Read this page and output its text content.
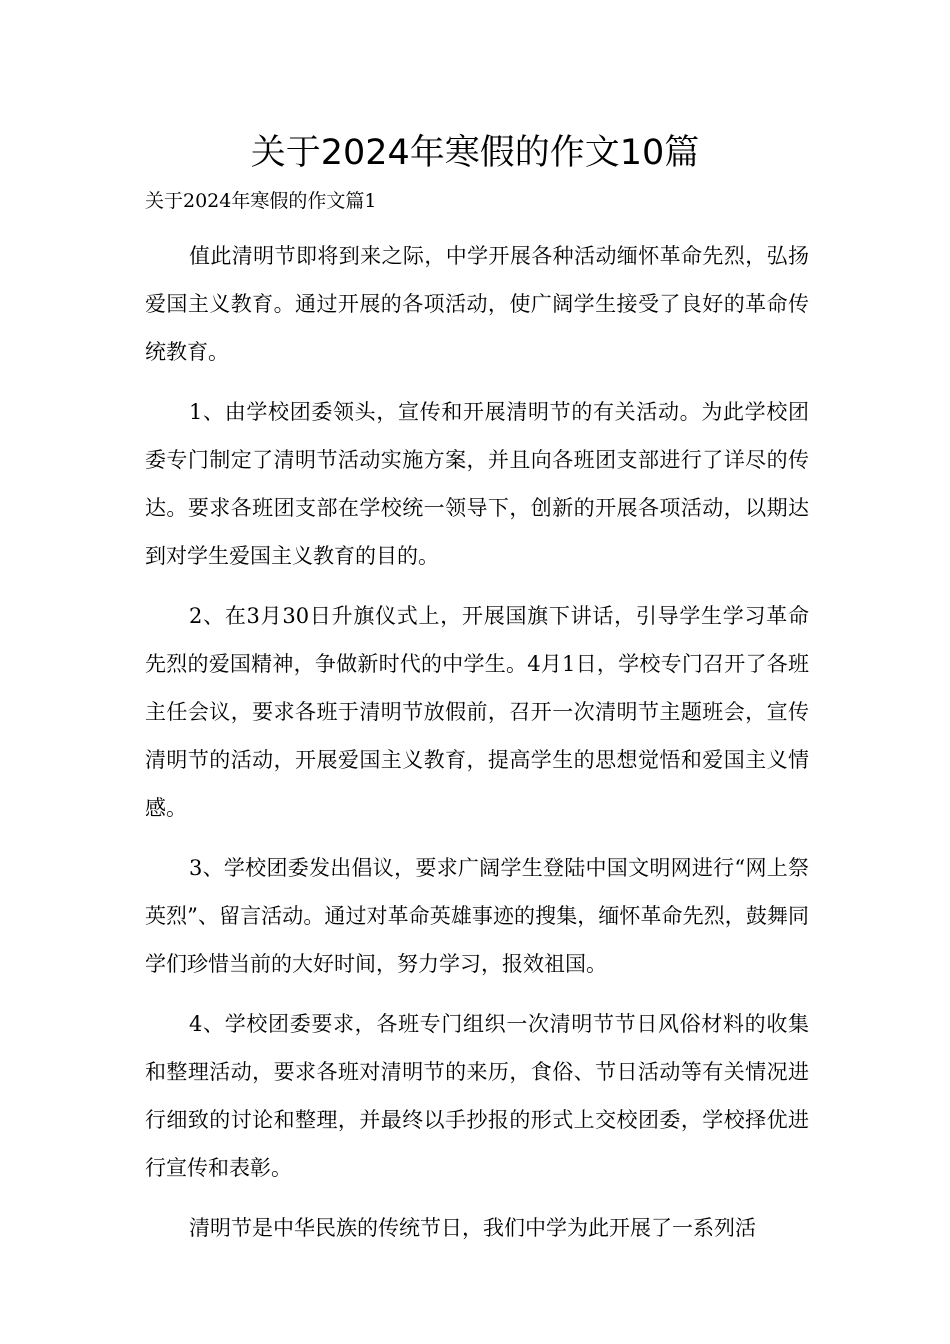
关于2024年寒假的作文10篇
关于2024年寒假的作文篇1

值此清明节即将到来之际，中学开展各种活动缅怀革命先烈，弘扬爱国主义教育。通过开展的各项活动，使广阔学生接受了良好的革命传统教育。

1、由学校团委领头，宣传和开展清明节的有关活动。为此学校团委专门制定了清明节活动实施方案，并且向各班团支部进行了详尽的传达。要求各班团支部在学校统一领导下，创新的开展各项活动，以期达到对学生爱国主义教育的目的。

2、在3月30日升旗仪式上，开展国旗下讲话，引导学生学习革命先烈的爱国精神，争做新时代的中学生。4月1日，学校专门召开了各班主任会议，要求各班于清明节放假前，召开一次清明节主题班会，宣传清明节的活动，开展爱国主义教育，提高学生的思想觉悟和爱国主义情感。

3、学校团委发出倡议，要求广阔学生登陆中国文明网进行“网上祭英烈”、留言活动。通过对革命英雄事迹的搜集，缅怀革命先烈，鼓舞同学们珍惜当前的大好时间，努力学习，报效祖国。

4、学校团委要求，各班专门组织一次清明节节日风俗材料的收集和整理活动，要求各班对清明节的来历，食俗、节日活动等有关情况进行细致的讨论和整理，并最终以手抄报的形式上交校团委，学校择优进行宣传和表彰。

清明节是中华民族的传统节日，我们中学为此开展了一系列活
